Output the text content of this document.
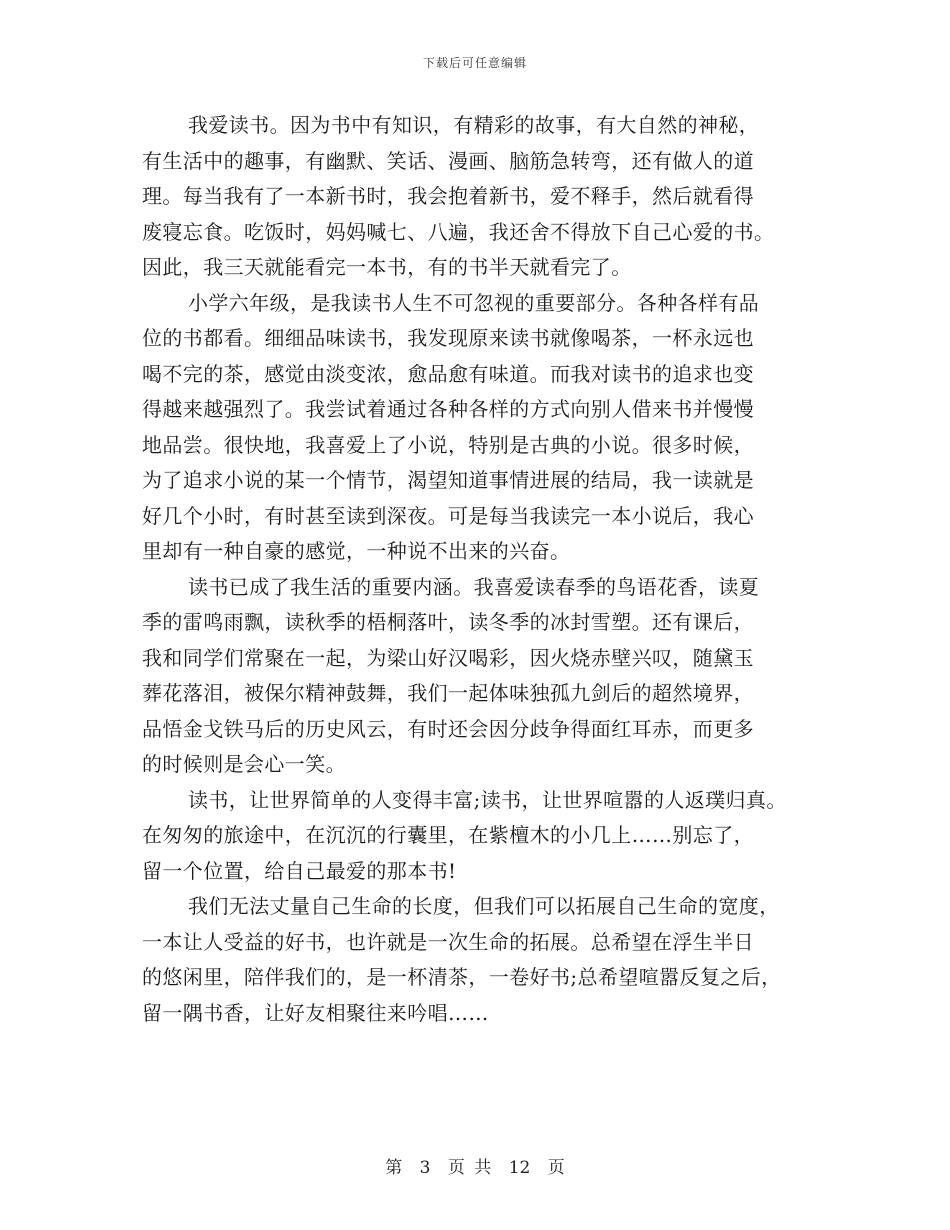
下载后可任意编辑
我爱读书。因为书中有知识，有精彩的故事，有大自然的神秘，
有生活中的趣事，有幽默、笑话、漫画、脑筋急转弯，还有做人的道
理。每当我有了一本新书时，我会抱着新书，爱不释手，然后就看得
废寝忘食。吃饭时，妈妈喊七、八遍，我还舍不得放下自己心爱的书。
因此，我三天就能看完一本书，有的书半天就看完了。
小学六年级，是我读书人生不可忽视的重要部分。各种各样有品
位的书都看。细细品味读书，我发现原来读书就像喝茶，一杯永远也
喝不完的茶，感觉由淡变浓，愈品愈有味道。而我对读书的追求也变
得越来越强烈了。我尝试着通过各种各样的方式向别人借来书并慢慢
地品尝。很快地，我喜爱上了小说，特别是古典的小说。很多时候，
为了追求小说的某一个情节，渴望知道事情进展的结局，我一读就是
好几个小时，有时甚至读到深夜。可是每当我读完一本小说后，我心
里却有一种自豪的感觉，一种说不出来的兴奋。
读书已成了我生活的重要内涵。我喜爱读春季的鸟语花香，读夏
季的雷鸣雨飘，读秋季的梧桐落叶，读冬季的冰封雪塑。还有课后，
我和同学们常聚在一起，为梁山好汉喝彩，因火烧赤壁兴叹，随黛玉
葬花落泪，被保尔精神鼓舞，我们一起体味独孤九剑后的超然境界，
品悟金戈铁马后的历史风云，有时还会因分歧争得面红耳赤，而更多
的时候则是会心一笑。
读书，让世界简单的人变得丰富;读书，让世界喧嚣的人返璞归真。
在匆匆的旅途中，在沉沉的行囊里，在紫檀木的小几上……别忘了，
留一个位置，给自己最爱的那本书!
我们无法丈量自己生命的长度，但我们可以拓展自己生命的宽度，
一本让人受益的好书，也许就是一次生命的拓展。总希望在浮生半日
的悠闲里，陪伴我们的，是一杯清茶，一卷好书;总希望喧嚣反复之后，
留一隅书香，让好友相聚往来吟唱……
第 3 页 共 12 页
